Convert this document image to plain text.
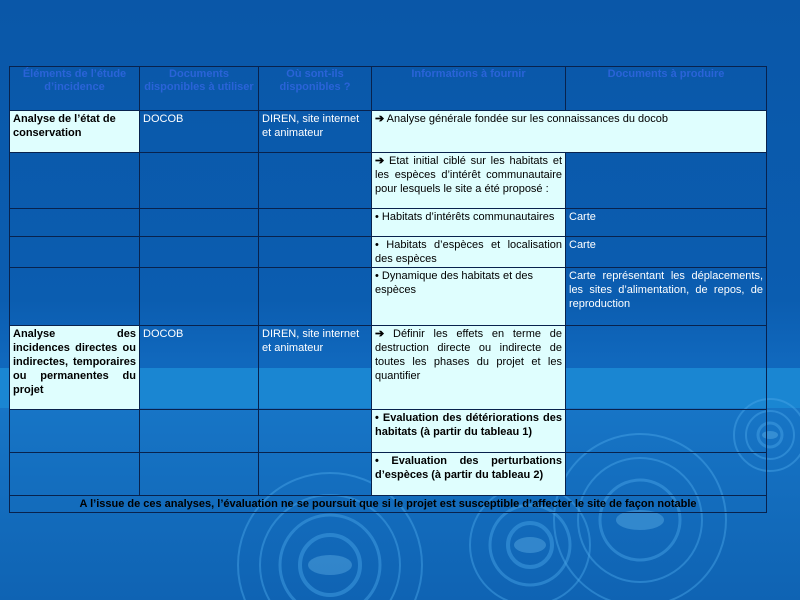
Éléments de l’étude d’incidence	Documents disponibles à utiliser	Où sont-ils disponibles ?	Informations à fournir	Documents à produire
Analyse de l’état de conservation	DOCOB	DIREN, site internet et animateur	➔ Analyse générale fondée sur les connaissances du docob	
			➔ Etat initial ciblé sur les habitats et les espèces d’intérêt communautaire pour lesquels le site a été proposé :	
			• Habitats d’intérêts communautaires	Carte
			• Habitats d’espèces et localisation des espèces	Carte
			• Dynamique des habitats et des espèces	Carte représentant les déplacements, les sites d’alimentation, de repos, de reproduction
Analyse des incidences directes ou indirectes, temporaires ou permanentes du projet	DOCOB	DIREN, site internet et animateur	➔ Définir les effets en terme de destruction directe ou indirecte de toutes les phases du projet et les quantifier	
			• Evaluation des détériorations des habitats (à partir du tableau 1)	
			• Evaluation des perturbations d’espèces (à partir du tableau 2)	
A l’issue de ces analyses, l’évaluation ne se poursuit que si le projet est susceptible d’affecter le site de façon notable				
